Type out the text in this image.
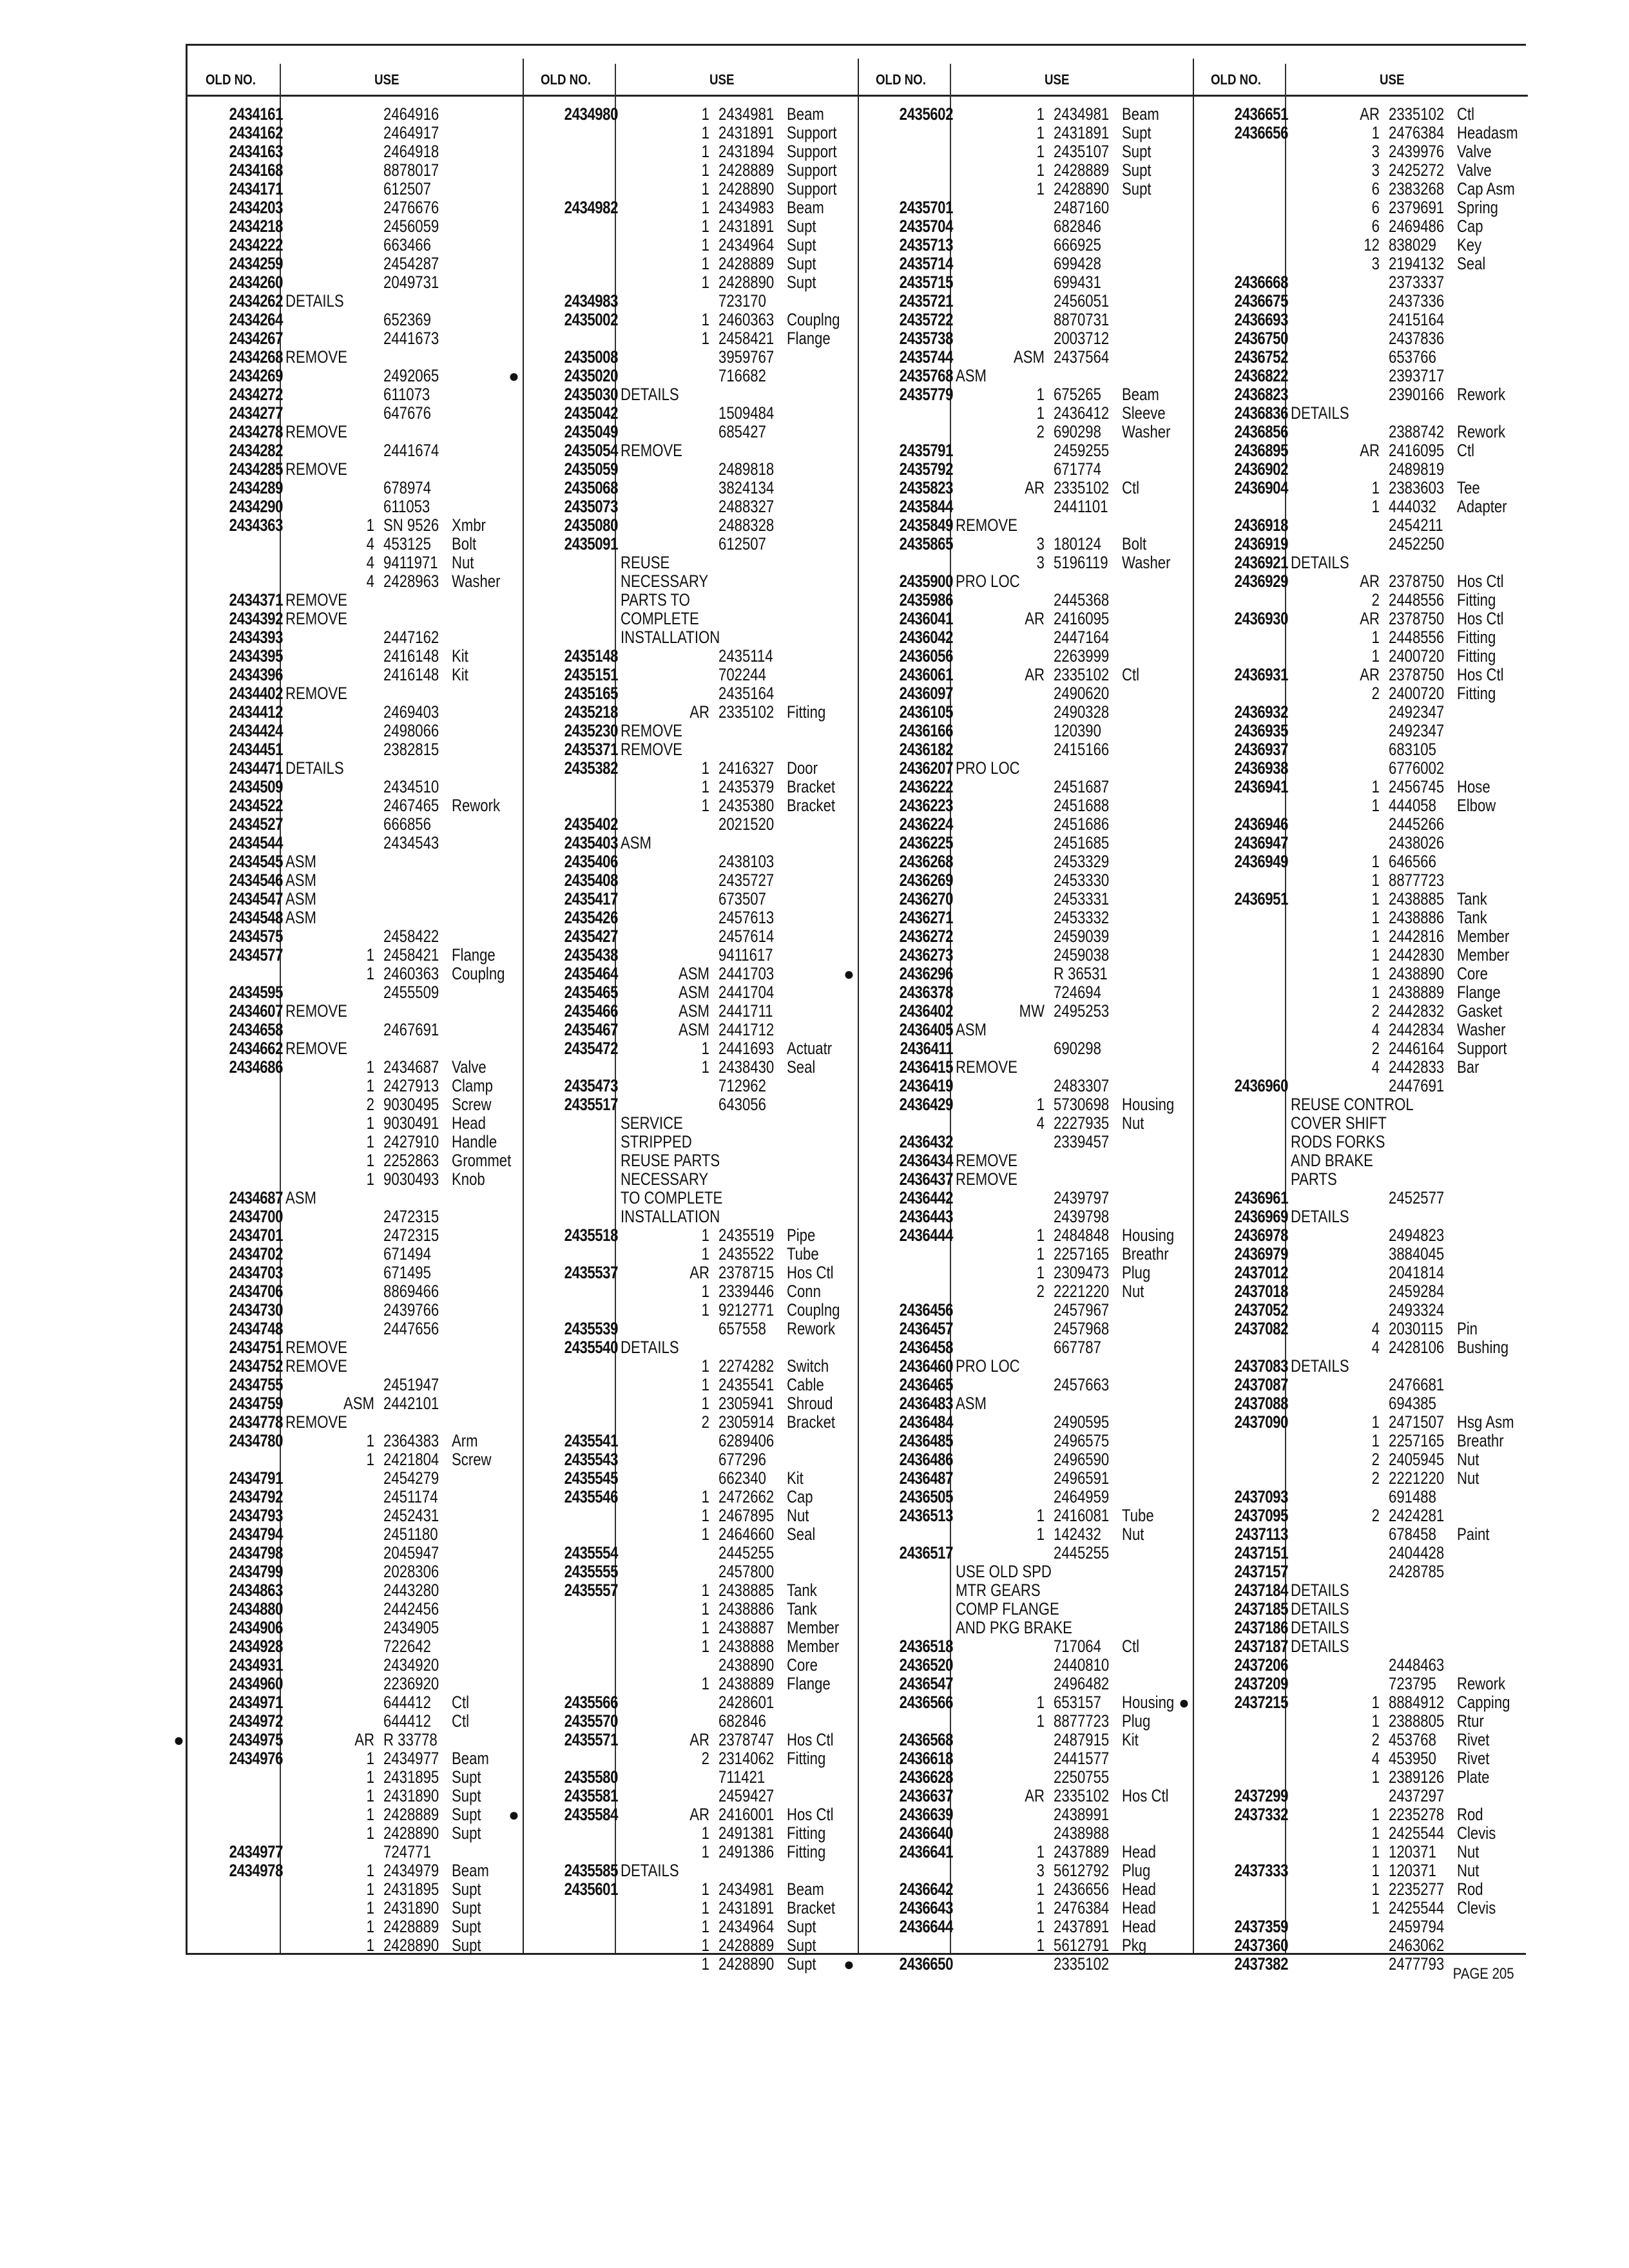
OLD NO.	USE
2434161	2464916
2434162	2464917
2434163	2464918
2434168	8878017
2434171	612507
2434203	2476676
2434218	2456059
2434222	663466
2434259	2454287
2434260	2049731
2434262 DETAILS
2434264	652369
2434267	2441673
2434268 REMOVE
2434269	2492065
2434272	611073
2434277	647676
2434278 REMOVE
2434282	2441674
2434285 REMOVE
2434289	678974
2434290	611053
2434363	1 SN 9526 Xmbr
4 453125 Bolt
4 9411971 Nut
4 2428963 Washer
2434371 REMOVE
2434392 REMOVE
2434393	2447162
2434395	2416148 Kit
2434396	2416148 Kit
2434402 REMOVE
2434412	2469403
2434424	2498066
2434451	2382815
2434471 DETAILS
2434509	2434510
2434522	2467465 Rework
2434527	666856
2434544	2434543
2434545 ASM
2434546 ASM
2434547 ASM
2434548 ASM
2434575	2458422
2434577	1 2458421 Flange
1 2460363 Couplng
2434595	2455509
2434607 REMOVE
2434658	2467691
2434662 REMOVE
2434686	1 2434687 Valve
1 2427913 Clamp
2 9030495 Screw
1 9030491 Head
1 2427910 Handle
1 2252863 Grommet
1 9030493 Knob
2434687 ASM
2434700	2472315
2434701	2472315
2434702	671494
2434703	671495
2434706	8869466
2434730	2439766
2434748	2447656
2434751 REMOVE
2434752 REMOVE
2434755	2451947
2434759	ASM 2442101
2434778 REMOVE
2434780	1 2364383 Arm
1 2421804 Screw
2434791	2454279
2434792	2451174
2434793	2452431
2434794	2451180
2434798	2045947
2434799	2028306
2434863	2443280
2434880	2442456
2434906	2434905
2434928	722642
2434931	2434920
2434960	2236920
2434971	644412 Ctl
2434972	644412 Ctl
●	2434975	AR R 33778
2434976	1 2434977 Beam
1 2431895 Supt
1 2431890 Supt
1 2428889 Supt
1 2428890 Supt
2434977	724771
2434978	1 2434979 Beam
1 2431895 Supt
1 2431890 Supt
1 2428889 Supt
1 2428890 Supt
OLD NO.	USE
2434980	1 2434981 Beam
1 2431891 Support
1 2431894 Support
1 2428889 Support
1 2428890 Support
2434982	1 2434983 Beam
1 2431891 Supt
1 2434964 Supt
1 2428889 Supt
1 2428890 Supt
2434983	723170
2435002	1 2460363 Couplng
1 2458421 Flange
2435008	3959767
●	2435020	716682
2435030 DETAILS
2435042	1509484
2435049	685427
2435054 REMOVE
2435059	2489818
2435068	3824134
2435073	2488327
2435080	2488328
2435091	612507
REUSE
NECESSARY
PARTS TO
COMPLETE
INSTALLATION
2435148	2435114
2435151	702244
2435165	2435164
2435218	AR 2335102 Fitting
2435230 REMOVE
2435371 REMOVE
2435382	1 2416327 Door
1 2435379 Bracket
1 2435380 Bracket
2435402	2021520
2435403 ASM
2435406	2438103
2435408	2435727
2435417	673507
2435426	2457613
2435427	2457614
2435438	9411617
2435464	ASM 2441703
2435465	ASM 2441704
2435466	ASM 2441711
2435467	ASM 2441712
2435472	1 2441693 Actuatr
1 2438430 Seal
2435473	712962
2435517	643056
SERVICE
STRIPPED
REUSE PARTS
NECESSARY
TO COMPLETE
INSTALLATION
2435518	1 2435519 Pipe
1 2435522 Tube
2435537	AR 2378715 Hos Ctl
1 2339446 Conn
1 9212771 Couplng
2435539	657558 Rework
2435540 DETAILS
1 2274282 Switch
1 2435541 Cable
1 2305941 Shroud
2 2305914 Bracket
2435541	6289406
2435543	677296
2435545	662340 Kit
2435546	1 2472662 Cap
1 2467895 Nut
1 2464660 Seal
2435554	2445255
2435555	2457800
2435557	1 2438885 Tank
1 2438886 Tank
1 2438887 Member
1 2438888 Member
2438890 Core
1 2438889 Flange
2435566	2428601
2435570	682846
2435571	AR 2378747 Hos Ctl
2 2314062 Fitting
2435580	711421
2435581	2459427
●	2435584	AR 2416001 Hos Ctl
1 2491381 Fitting
1 2491386 Fitting
2435585 DETAILS
2435601	1 2434981 Beam
1 2431891 Bracket
1 2434964 Supt
1 2428889 Supt
1 2428890 Supt
OLD NO.	USE
2435602	1 2434981 Beam
1 2431891 Supt
1 2435107 Supt
1 2428889 Supt
1 2428890 Supt
2435701	2487160
2435704	682846
2435713	666925
2435714	699428
2435715	699431
2435721	2456051
2435722	8870731
2435738	2003712
2435744	ASM 2437564
2435768 ASM
2435779	1 675265 Beam
1 2436412 Sleeve
2 690298 Washer
2435791	2459255
2435792	671774
2435823	AR 2335102 Ctl
2435844	2441101
2435849 REMOVE
2435865	3 180124 Bolt
3 5196119 Washer
2435900 PRO LOC
2435986	2445368
2436041	AR 2416095
2436042	2447164
2436056	2263999
2436061	AR 2335102 Ctl
2436097	2490620
2436105	2490328
2436166	120390
2436182	2415166
2436207 PRO LOC
2436222	2451687
2436223	2451688
2436224	2451686
2436225	2451685
2436268	2453329
2436269	2453330
2436270	2453331
2436271	2453332
2436272	2459039
2436273	2459038
●	2436296	R 36531
2436378	724694
2436402	MW 2495253
2436405 ASM
2436411	690298
2436415 REMOVE
2436419	2483307
2436429	1 5730698 Housing
4 2227935 Nut
2436432	2339457
2436434 REMOVE
2436437 REMOVE
2436442	2439797
2436443	2439798
2436444	1 2484848 Housing
1 2257165 Breathr
1 2309473 Plug
2 2221220 Nut
2436456	2457967
2436457	2457968
2436458	667787
2436460 PRO LOC
2436465	2457663
2436483 ASM
2436484	2490595
2436485	2496575
2436486	2496590
2436487	2496591
2436505	2464959
2436513	1 2416081 Tube
1 142432 Nut
2436517	2445255
USE OLD SPD
MTR GEARS
COMP FLANGE
AND PKG BRAKE
2436518	717064 Ctl
2436520	2440810
2436547	2496482
2436566	1 653157 Housing
1 8877723 Plug
2436568	2487915 Kit
2436618	2441577
2436628	2250755
2436637	AR 2335102 Hos Ctl
2436639	2438991
2436640	2438988
2436641	1 2437889 Head
3 5612792 Plug
2436642	1 2436656 Head
2436643	1 2476384 Head
2436644	1 2437891 Head
1 5612791 Pkg
●	2436650	2335102
OLD NO.	USE
2436651	AR 2335102 Ctl
2436656	1 2476384 Headasm
3 2439976 Valve
3 2425272 Valve
6 2383268 Cap Asm
6 2379691 Spring
6 2469486 Cap
12 838029 Key
3 2194132 Seal
2436668	2373337
2436675	2437336
2436693	2415164
2436750	2437836
2436752	653766
2436822	2393717
2436823	2390166 Rework
2436836 DETAILS
2436856	2388742 Rework
2436895	AR 2416095 Ctl
2436902	2489819
2436904	1 2383603 Tee
1 444032 Adapter
2436918	2454211
2436919	2452250
2436921 DETAILS
2436929	AR 2378750 Hos Ctl
2 2448556 Fitting
2436930	AR 2378750 Hos Ctl
1 2448556 Fitting
1 2400720 Fitting
2436931	AR 2378750 Hos Ctl
2 2400720 Fitting
2436932	2492347
2436935	2492347
2436937	683105
2436938	6776002
2436941	1 2456745 Hose
1 444058 Elbow
2436946	2445266
2436947	2438026
2436949	1 646566
1 8877723
2436951	1 2438885 Tank
1 2438886 Tank
1 2442816 Member
1 2442830 Member
1 2438890 Core
1 2438889 Flange
2 2442832 Gasket
4 2442834 Washer
2 2446164 Support
4 2442833 Bar
2436960	2447691
REUSE CONTROL
COVER SHIFT
RODS FORKS
AND BRAKE
PARTS
2436961	2452577
2436969 DETAILS
2436978	2494823
2436979	3884045
2437012	2041814
2437018	2459284
2437052	2493324
2437082	4 2030115 Pin
4 2428106 Bushing
2437083 DETAILS
2437087	2476681
2437088	694385
2437090	1 2471507 Hsg Asm
1 2257165 Breathr
2 2405945 Nut
2 2221220 Nut
2437093	691488
2437095	2 2424281
2437113	678458 Paint
2437151	2404428
2437157	2428785
2437184 DETAILS
2437185 DETAILS
2437186 DETAILS
2437187 DETAILS
2437206	2448463
2437209	723795 Rework
●	2437215	1 8884912 Capping
1 2388805 Rtur
2 453768 Rivet
4 453950 Rivet
1 2389126 Plate
2437299	2437297
2437332	1 2235278 Rod
1 2425544 Clevis
1 120371 Nut
2437333	1 120371 Nut
1 2235277 Rod
1 2425544 Clevis
2437359	2459794
2437360	2463062
2437382	2477793
PAGE 205
